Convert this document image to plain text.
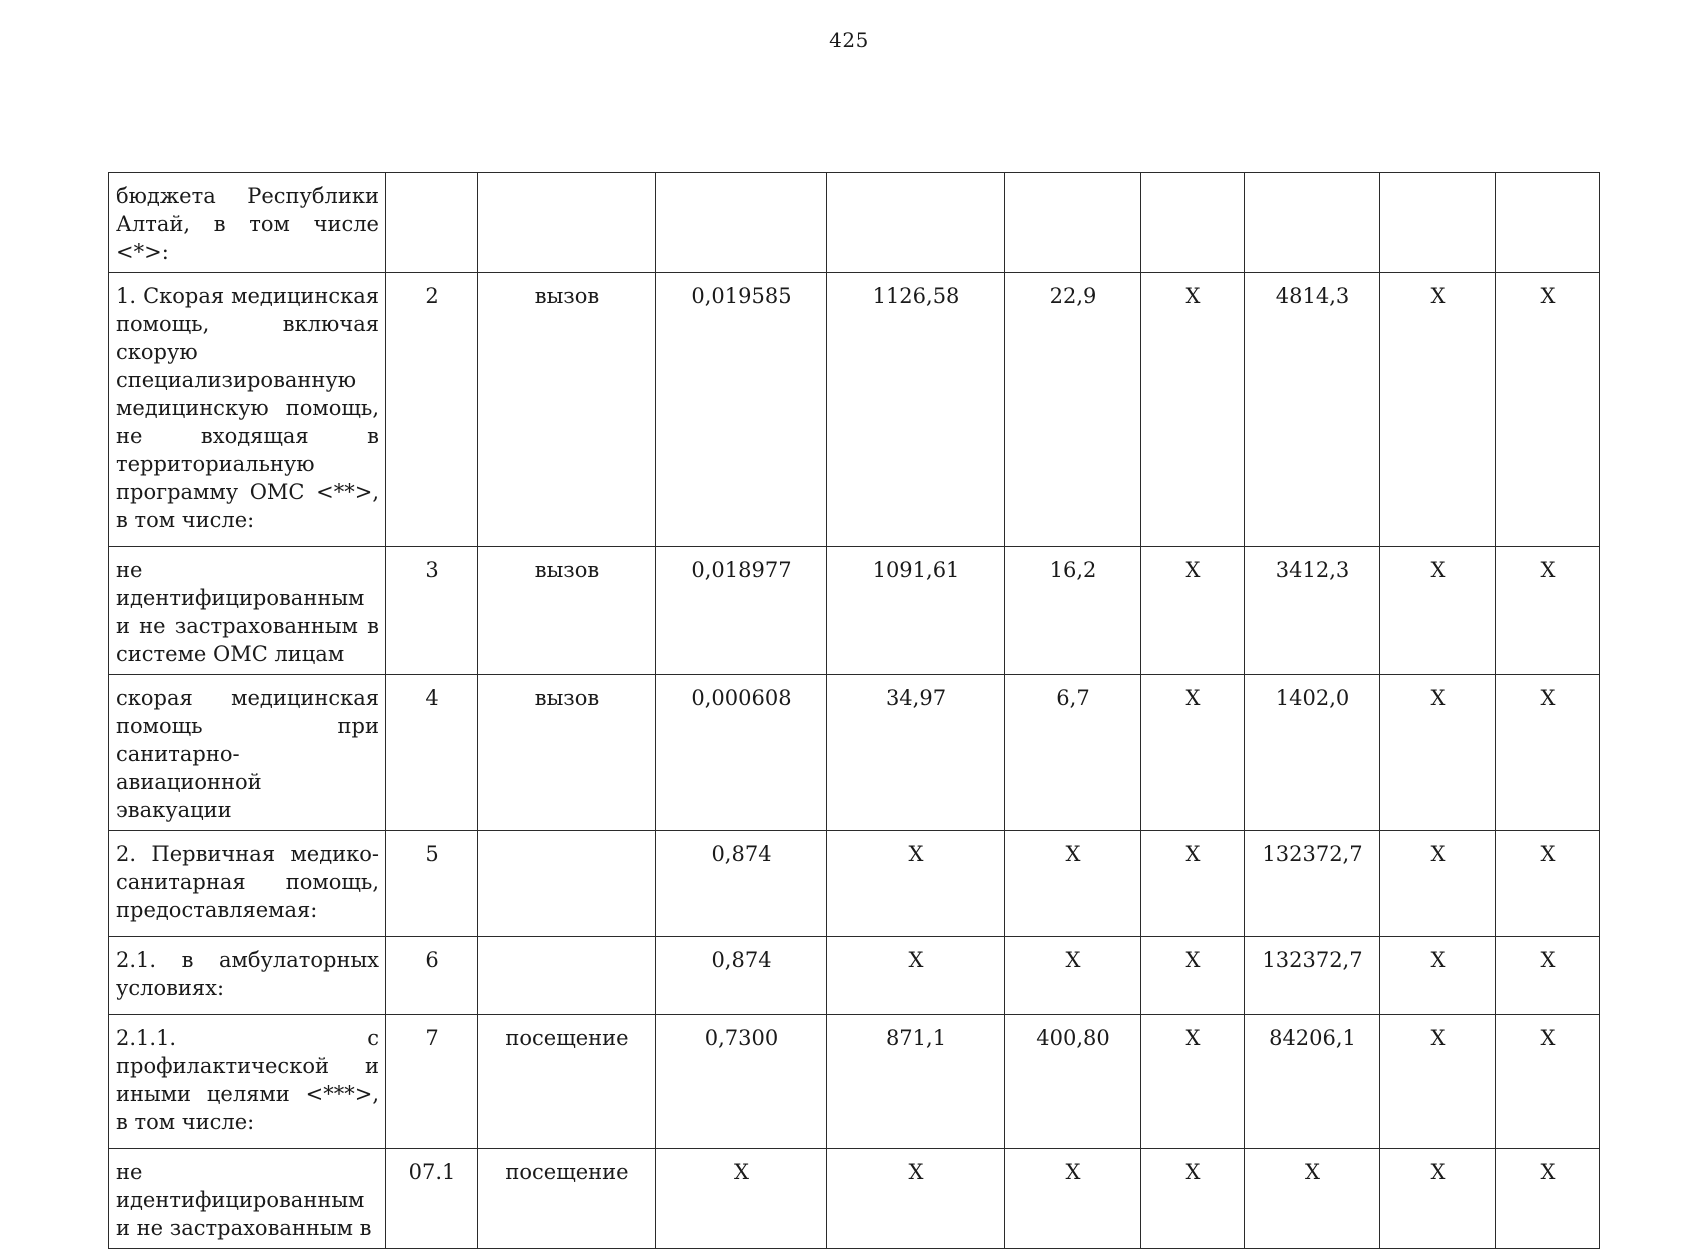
425
бюджета Республики Алтай, в том числе <*>:									

1. Скорая медицинская помощь, включая скорую специализированную медицинскую помощь, не входящая в территориальную программу ОМС <**>, в том числе:	2	вызов	0,019585	1126,58	22,9	X	4814,3	X	X

не идентифицированным и не застрахованным в системе ОМС лицам	3	вызов	0,018977	1091,61	16,2	X	3412,3	X	X

скорая медицинская помощь при санитарно-авиационной эвакуации	4	вызов	0,000608	34,97	6,7	X	1402,0	X	X

2. Первичная медико-санитарная помощь, предоставляемая:	5		0,874	X	X	X	132372,7	X	X

2.1. в амбулаторных условиях:	6		0,874	X	X	X	132372,7	X	X

2.1.1. с профилактической и иными целями <***>, в том числе:	7	посещение	0,7300	871,1	400,80	X	84206,1	X	X

не идентифицированным и не застрахованным в	07.1	посещение	X	X	X	X	X	X	X
